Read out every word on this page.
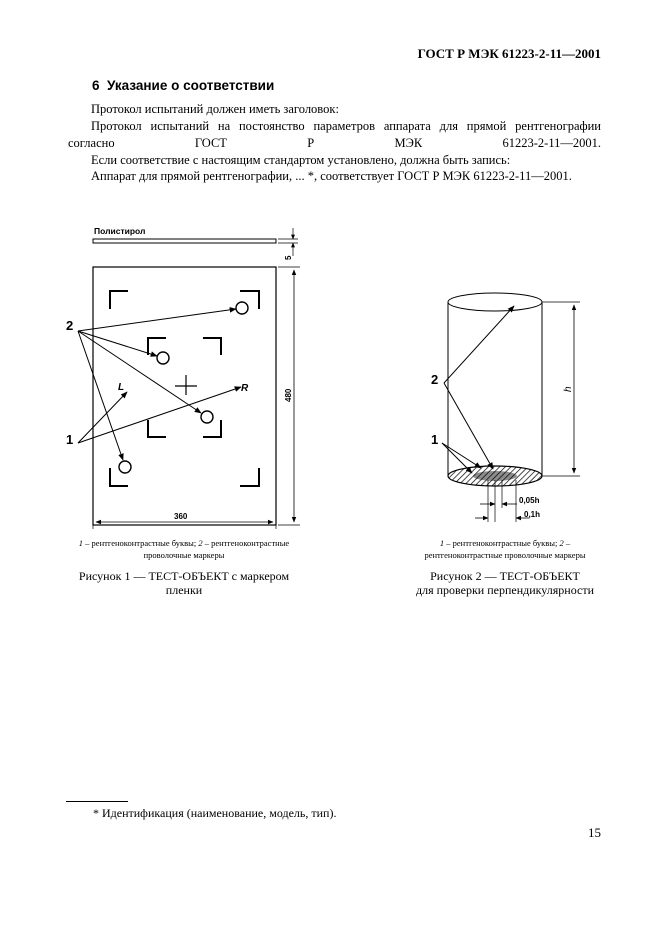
ГОСТ Р МЭК 61223-2-11—2001
6 Указание о соответствии
Протокол испытаний должен иметь заголовок:
Протокол испытаний на постоянство параметров аппарата для прямой рентгенографии согласно ГОСТ Р МЭК 61223-2-11—2001.
Если соответствие с настоящим стандартом установлено, должна быть запись:
Аппарат для прямой рентгенографии, ... *, соответствует ГОСТ Р МЭК 61223-2-11—2001.
Полистирол
5
L	R
2
1
480
360
1 – рентгеноконтрастные буквы; 2 – рентгеноконтрастные проволочные маркеры
Рисунок 1 — ТЕСТ-ОБЪЕКТ с маркером
пленки
2
1
h
0,05h
0,1h
1 – рентгеноконтрастные буквы; 2 – рентгеноконтрастные проволочные маркеры
Рисунок 2 — ТЕСТ-ОБЪЕКТ
для проверки перпендикулярности
* Идентификация (наименование, модель, тип).
15
